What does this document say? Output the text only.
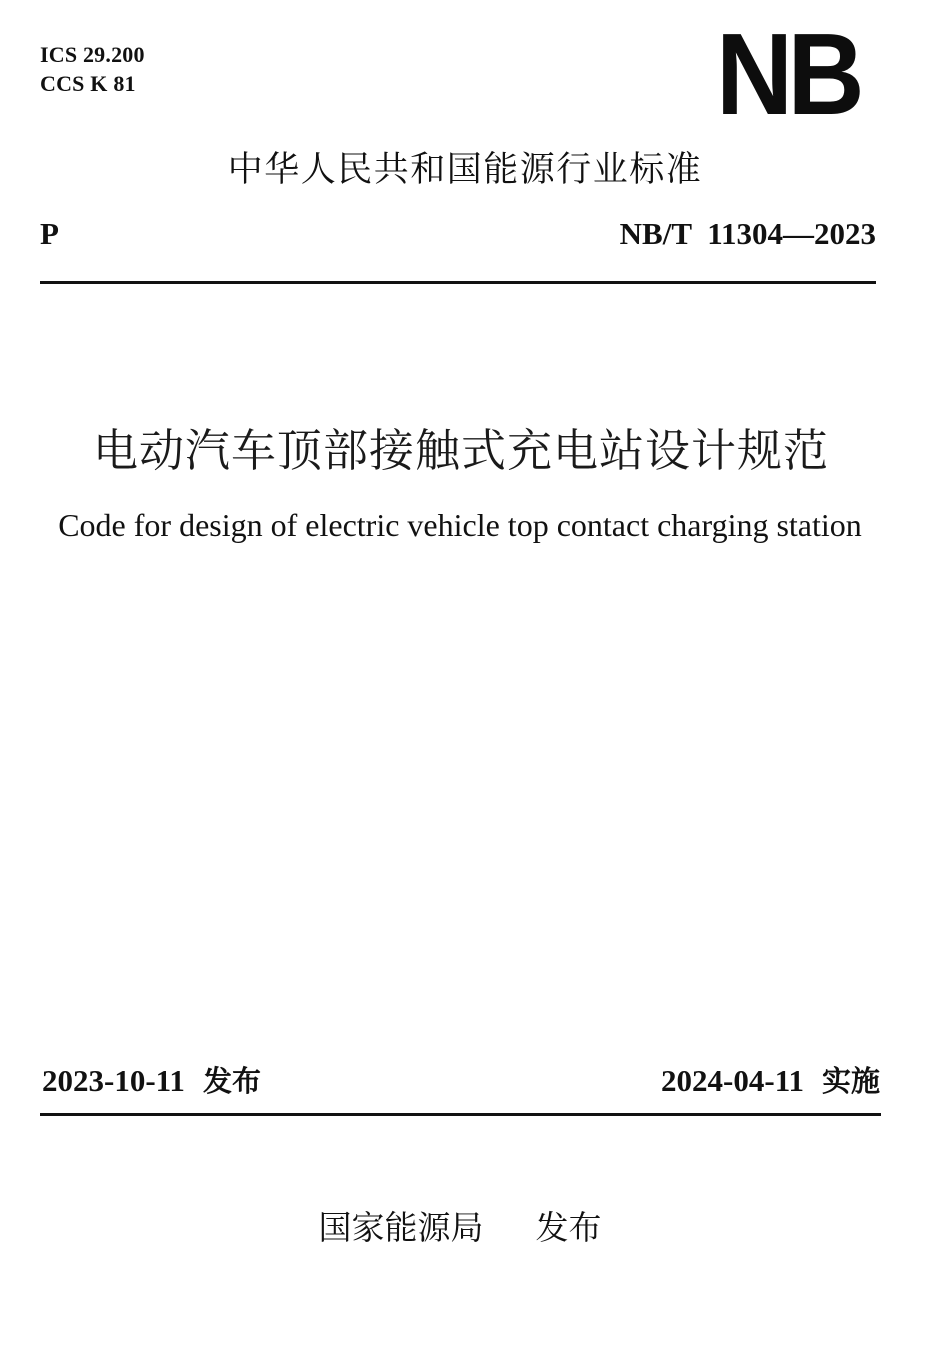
ICS 29.200
CCS K 81	NB
中华人民共和国能源行业标准
P	NB/T 11304—2023
电动汽车顶部接触式充电站设计规范
Code for design of electric vehicle top contact charging station
2023-10-11 发布	2024-04-11 实施
国家能源局 发布
